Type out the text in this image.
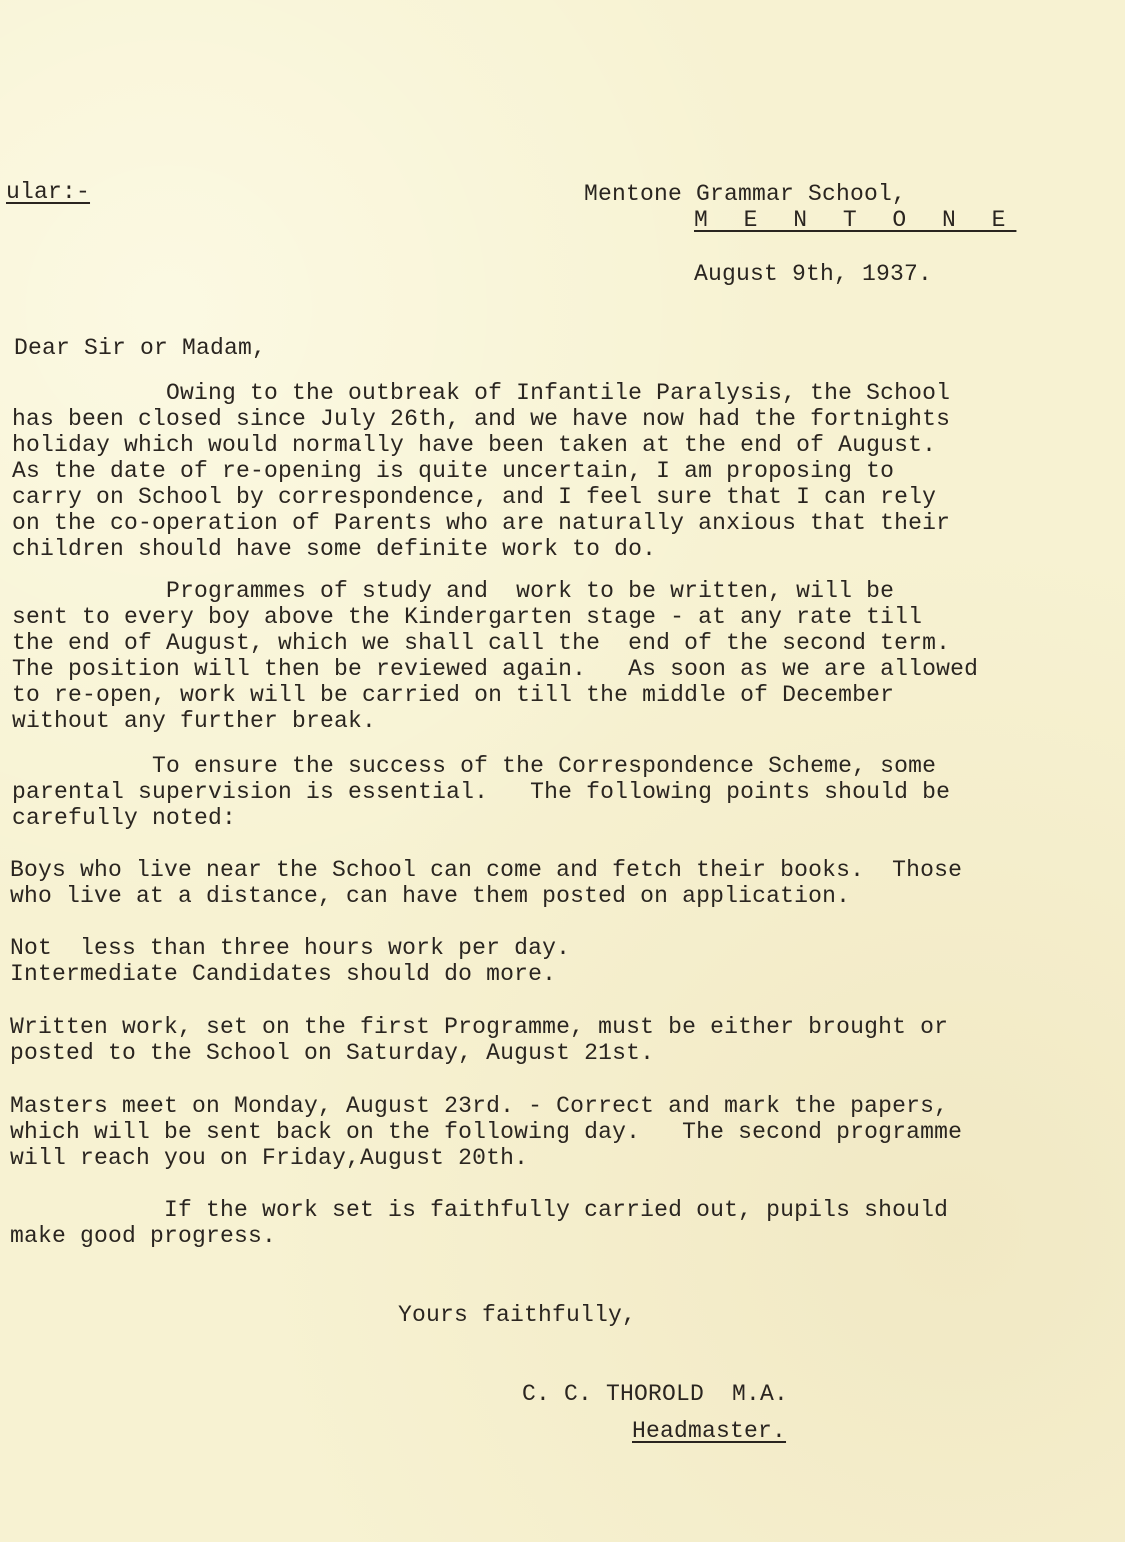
ular:-	Mentone Grammar School,
M E N T O N E
August 9th, 1937.
Dear Sir or Madam,
Owing to the outbreak of Infantile Paralysis, the School
has been closed since July 26th, and we have now had the fortnights
holiday which would normally have been taken at the end of August.
As the date of re-opening is quite uncertain, I am proposing to
carry on School by correspondence, and I feel sure that I can rely
on the co-operation of Parents who are naturally anxious that their
children should have some definite work to do.
Programmes of study and  work to be written, will be
sent to every boy above the Kindergarten stage - at any rate till
the end of August, which we shall call the  end of the second term.
The position will then be reviewed again.   As soon as we are allowed
to re-open, work will be carried on till the middle of December
without any further break.
To ensure the success of the Correspondence Scheme, some
parental supervision is essential.   The following points should be
carefully noted:
Boys who live near the School can come and fetch their books.  Those
who live at a distance, can have them posted on application.
Not  less than three hours work per day.
Intermediate Candidates should do more.
Written work, set on the first Programme, must be either brought or
posted to the School on Saturday, August 21st.
Masters meet on Monday, August 23rd. - Correct and mark the papers,
which will be sent back on the following day.   The second programme
will reach you on Friday,August 20th.
If the work set is faithfully carried out, pupils should
make good progress.
Yours faithfully,
C. C. THOROLD  M.A.
Headmaster.
